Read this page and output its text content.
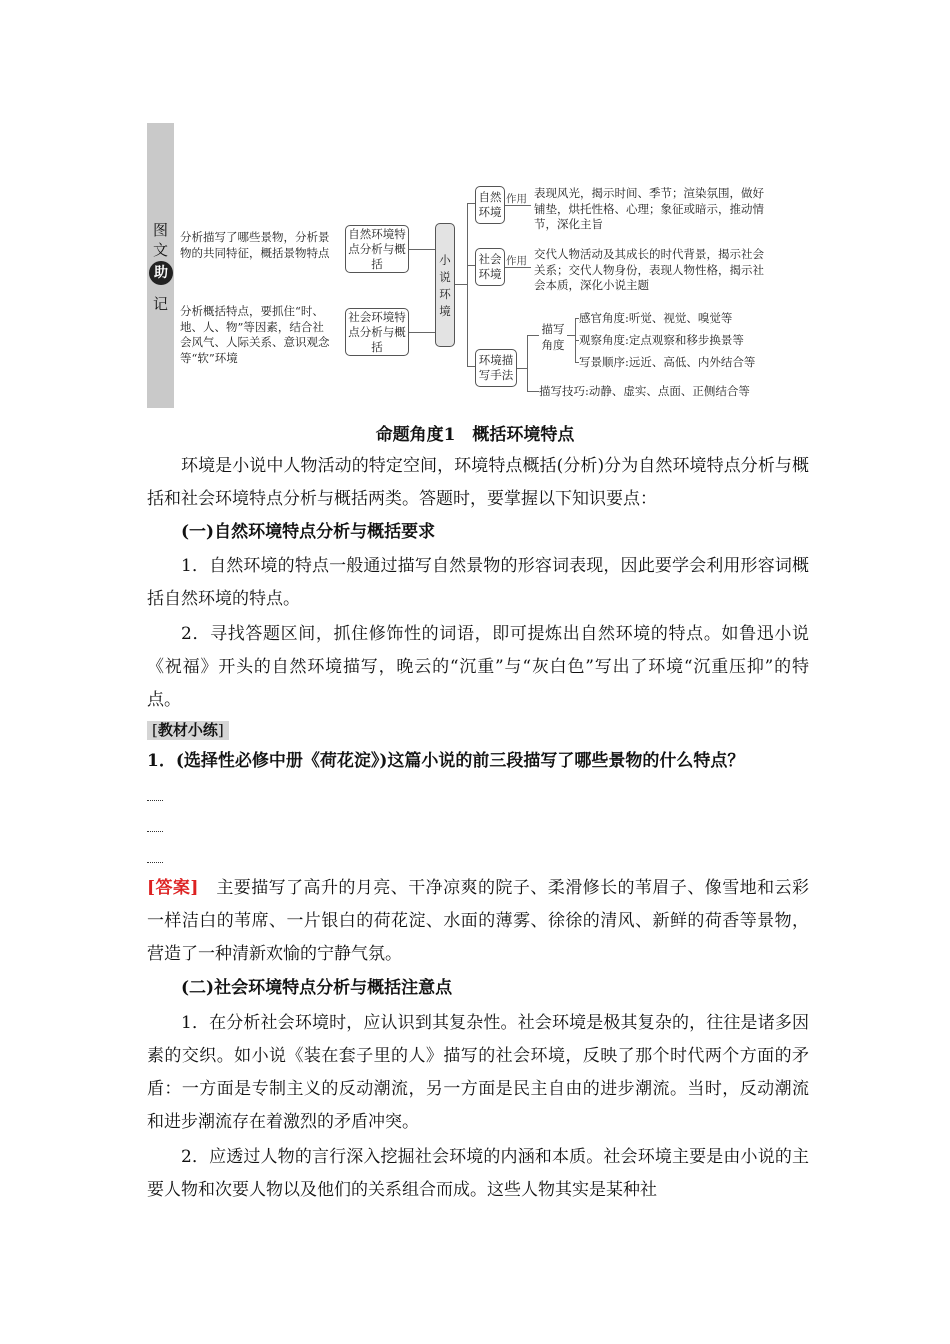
图
文
助
记
分析描写了哪些景物，分析景物的共同特征，概括景物特点
分析概括特点，要抓住“时、地、人、物”等因素，结合社会风气、人际关系、意识观念等“软”环境
自然环境特点分析与概括
社会环境特点分析与概括
小说环境
自然环境
社会环境
环境描写手法
作用
作用
表现风光，揭示时间、季节；渲染氛围，做好铺垫，烘托性格、心理；象征或暗示，推动情节，深化主旨
交代人物活动及其成长的时代背景，揭示社会关系；交代人物身份，表现人物性格，揭示社会本质，深化小说主题
描写角度
感官角度:听觉、视觉、嗅觉等
观察角度:定点观察和移步换景等
写景顺序:远近、高低、内外结合等
描写技巧:动静、虚实、点面、正侧结合等
命题角度1　概括环境特点
环境是小说中人物活动的特定空间，环境特点概括(分析)分为自然环境特点分析与概括和社会环境特点分析与概括两类。答题时，要掌握以下知识要点：
(一)自然环境特点分析与概括要求
1．自然环境的特点一般通过描写自然景物的形容词表现，因此要学会利用形容词概括自然环境的特点。
2．寻找答题区间，抓住修饰性的词语，即可提炼出自然环境的特点。如鲁迅小说《祝福》开头的自然环境描写，晚云的“沉重”与“灰白色”写出了环境“沉重压抑”的特点。
[ 教材小练 ]
1．(选择性必修中册《荷花淀》)这篇小说的前三段描写了哪些景物的什么特点？
[答案]　 主要描写了高升的月亮、干净凉爽的院子、柔滑修长的苇眉子、像雪地和云彩一样洁白的苇席、一片银白的荷花淀、水面的薄雾、徐徐的清风、新鲜的荷香等景物，营造了一种清新欢愉的宁静气氛。
(二)社会环境特点分析与概括注意点
1．在分析社会环境时，应认识到其复杂性。社会环境是极其复杂的，往往是诸多因素的交织。如小说《装在套子里的人》描写的社会环境，反映了那个时代两个方面的矛盾：一方面是专制主义的反动潮流，另一方面是民主自由的进步潮流。当时，反动潮流和进步潮流存在着激烈的矛盾冲突。
2．应透过人物的言行深入挖掘社会环境的内涵和本质。社会环境主要是由小说的主要人物和次要人物以及他们的关系组合而成。这些人物其实是某种社
